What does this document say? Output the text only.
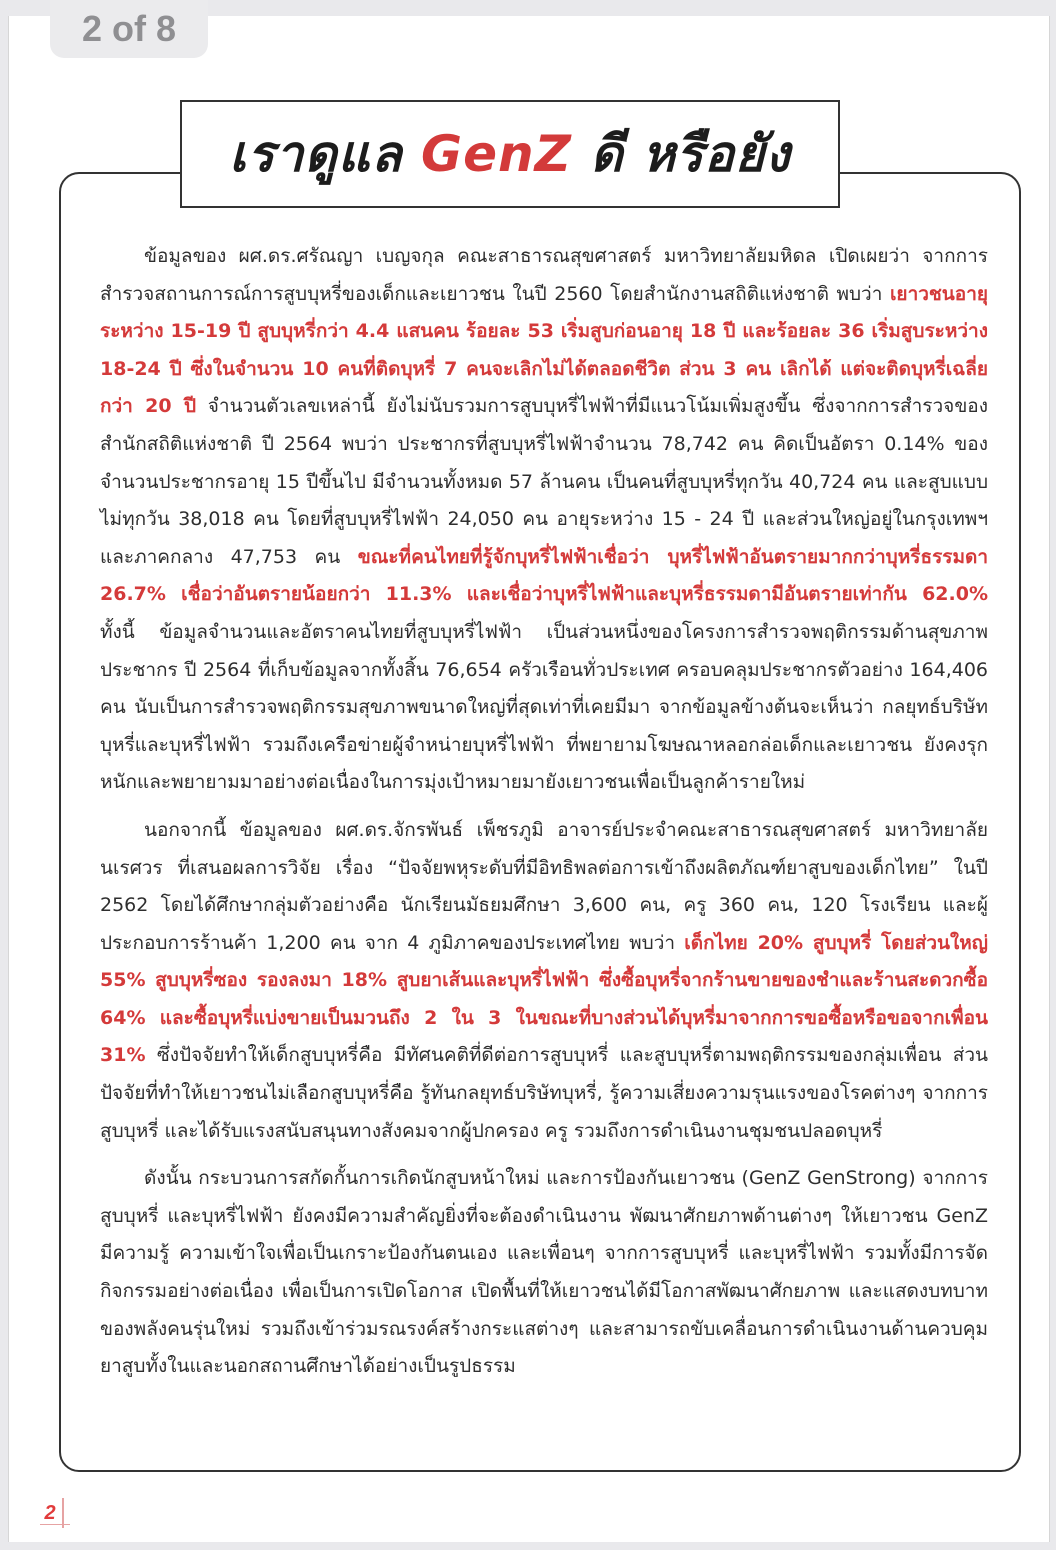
2 of 8
เราดูแล GenZ ดี หรือยัง

ข้อมูลของ ผศ.ดร.ศรัณญา เบญจกุล คณะสาธารณสุขศาสตร์ มหาวิทยาลัยมหิดล เปิดเผยว่า จากการสำรวจสถานการณ์การสูบบุหรี่ของเด็กและเยาวชน ในปี 2560 โดยสำนักงานสถิติแห่งชาติ พบว่า เยาวชนอายุ ระหว่าง 15-19 ปี สูบบุหรี่กว่า 4.4 แสนคน ร้อยละ 53 เริ่มสูบก่อนอายุ 18 ปี และร้อยละ 36 เริ่มสูบระหว่าง 18-24 ปี ซึ่งในจำนวน 10 คนที่ติดบุหรี่ 7 คนจะเลิกไม่ได้ตลอดชีวิต ส่วน 3 คน เลิกได้ แต่จะติดบุหรี่เฉลี่ยกว่า 20 ปี จำนวนตัวเลขเหล่านี้ ยังไม่นับรวมการสูบบุหรี่ไฟฟ้าที่มีแนวโน้มเพิ่มสูงขึ้น ซึ่งจากการสำรวจของสำนักสถิติแห่งชาติ ปี 2564 พบว่า ประชากรที่สูบบุหรี่ไฟฟ้าจำนวน 78,742 คน คิดเป็นอัตรา 0.14% ของจำนวนประชากรอายุ 15 ปีขึ้นไป มีจำนวนทั้งหมด 57 ล้านคน เป็นคนที่สูบบุหรี่ทุกวัน 40,724 คน และสูบแบบไม่ทุกวัน 38,018 คน โดยที่สูบบุหรี่ไฟฟ้า 24,050 คน อายุระหว่าง 15 - 24 ปี และส่วนใหญ่อยู่ในกรุงเทพฯ และภาคกลาง 47,753 คน ขณะที่คนไทยที่รู้จักบุหรี่ไฟฟ้าเชื่อว่า บุหรี่ไฟฟ้าอันตรายมากกว่าบุหรี่ธรรมดา 26.7% เชื่อว่าอันตรายน้อยกว่า 11.3% และเชื่อว่าบุหรี่ไฟฟ้าและบุหรี่ธรรมดามีอันตรายเท่ากัน 62.0% ทั้งนี้ ข้อมูลจำนวนและอัตราคนไทยที่สูบบุหรี่ไฟฟ้า เป็นส่วนหนึ่งของโครงการสำรวจพฤติกรรมด้านสุขภาพประชากร ปี 2564 ที่เก็บข้อมูลจากทั้งสิ้น 76,654 ครัวเรือนทั่วประเทศ ครอบคลุมประชากรตัวอย่าง 164,406 คน นับเป็นการสำรวจพฤติกรรมสุขภาพขนาดใหญ่ที่สุดเท่าที่เคยมีมา จากข้อมูลข้างต้นจะเห็นว่า กลยุทธ์บริษัทบุหรี่และบุหรี่ไฟฟ้า รวมถึงเครือข่ายผู้จำหน่ายบุหรี่ไฟฟ้า ที่พยายามโฆษณาหลอกล่อเด็กและเยาวชน ยังคงรุกหนักและพยายามมาอย่างต่อเนื่องในการมุ่งเป้าหมายมายังเยาวชนเพื่อเป็นลูกค้ารายใหม่

นอกจากนี้ ข้อมูลของ ผศ.ดร.จักรพันธ์ เพ็ชรภูมิ อาจารย์ประจำคณะสาธารณสุขศาสตร์ มหาวิทยาลัยนเรศวร ที่เสนอผลการวิจัย เรื่อง “ปัจจัยพหุระดับที่มีอิทธิพลต่อการเข้าถึงผลิตภัณฑ์ยาสูบของเด็กไทย” ในปี 2562 โดยได้ศึกษากลุ่มตัวอย่างคือ นักเรียนมัธยมศึกษา 3,600 คน, ครู 360 คน, 120 โรงเรียน และผู้ประกอบการร้านค้า 1,200 คน จาก 4 ภูมิภาคของประเทศไทย พบว่า เด็กไทย 20% สูบบุหรี่ โดยส่วนใหญ่ 55% สูบบุหรี่ซอง รองลงมา 18% สูบยาเส้นและบุหรี่ไฟฟ้า ซึ่งซื้อบุหรี่จากร้านขายของชำและร้านสะดวกซื้อ 64% และซื้อบุหรี่แบ่งขายเป็นมวนถึง 2 ใน 3 ในขณะที่บางส่วนได้บุหรี่มาจากการขอซื้อหรือขอจากเพื่อน 31% ซึ่งปัจจัยทำให้เด็กสูบบุหรี่คือ มีทัศนคติที่ดีต่อการสูบบุหรี่ และสูบบุหรี่ตามพฤติกรรมของกลุ่มเพื่อน ส่วนปัจจัยที่ทำให้เยาวชนไม่เลือกสูบบุหรี่คือ รู้ทันกลยุทธ์บริษัทบุหรี่, รู้ความเสี่ยงความรุนแรงของโรคต่างๆ จากการสูบบุหรี่ และได้รับแรงสนับสนุนทางสังคมจากผู้ปกครอง ครู รวมถึงการดำเนินงานชุมชนปลอดบุหรี่

ดังนั้น กระบวนการสกัดกั้นการเกิดนักสูบหน้าใหม่ และการป้องกันเยาวชน (GenZ GenStrong) จากการสูบบุหรี่ และบุหรี่ไฟฟ้า ยังคงมีความสำคัญยิ่งที่จะต้องดำเนินงาน พัฒนาศักยภาพด้านต่างๆ ให้เยาวชน GenZ มีความรู้ ความเข้าใจเพื่อเป็นเกราะป้องกันตนเอง และเพื่อนๆ จากการสูบบุหรี่ และบุหรี่ไฟฟ้า รวมทั้งมีการจัดกิจกรรมอย่างต่อเนื่อง เพื่อเป็นการเปิดโอกาส เปิดพื้นที่ให้เยาวชนได้มีโอกาสพัฒนาศักยภาพ และแสดงบทบาทของพลังคนรุ่นใหม่ รวมถึงเข้าร่วมรณรงค์สร้างกระแสต่างๆ และสามารถขับเคลื่อนการดำเนินงานด้านควบคุมยาสูบทั้งในและนอกสถานศึกษาได้อย่างเป็นรูปธรรม

2
